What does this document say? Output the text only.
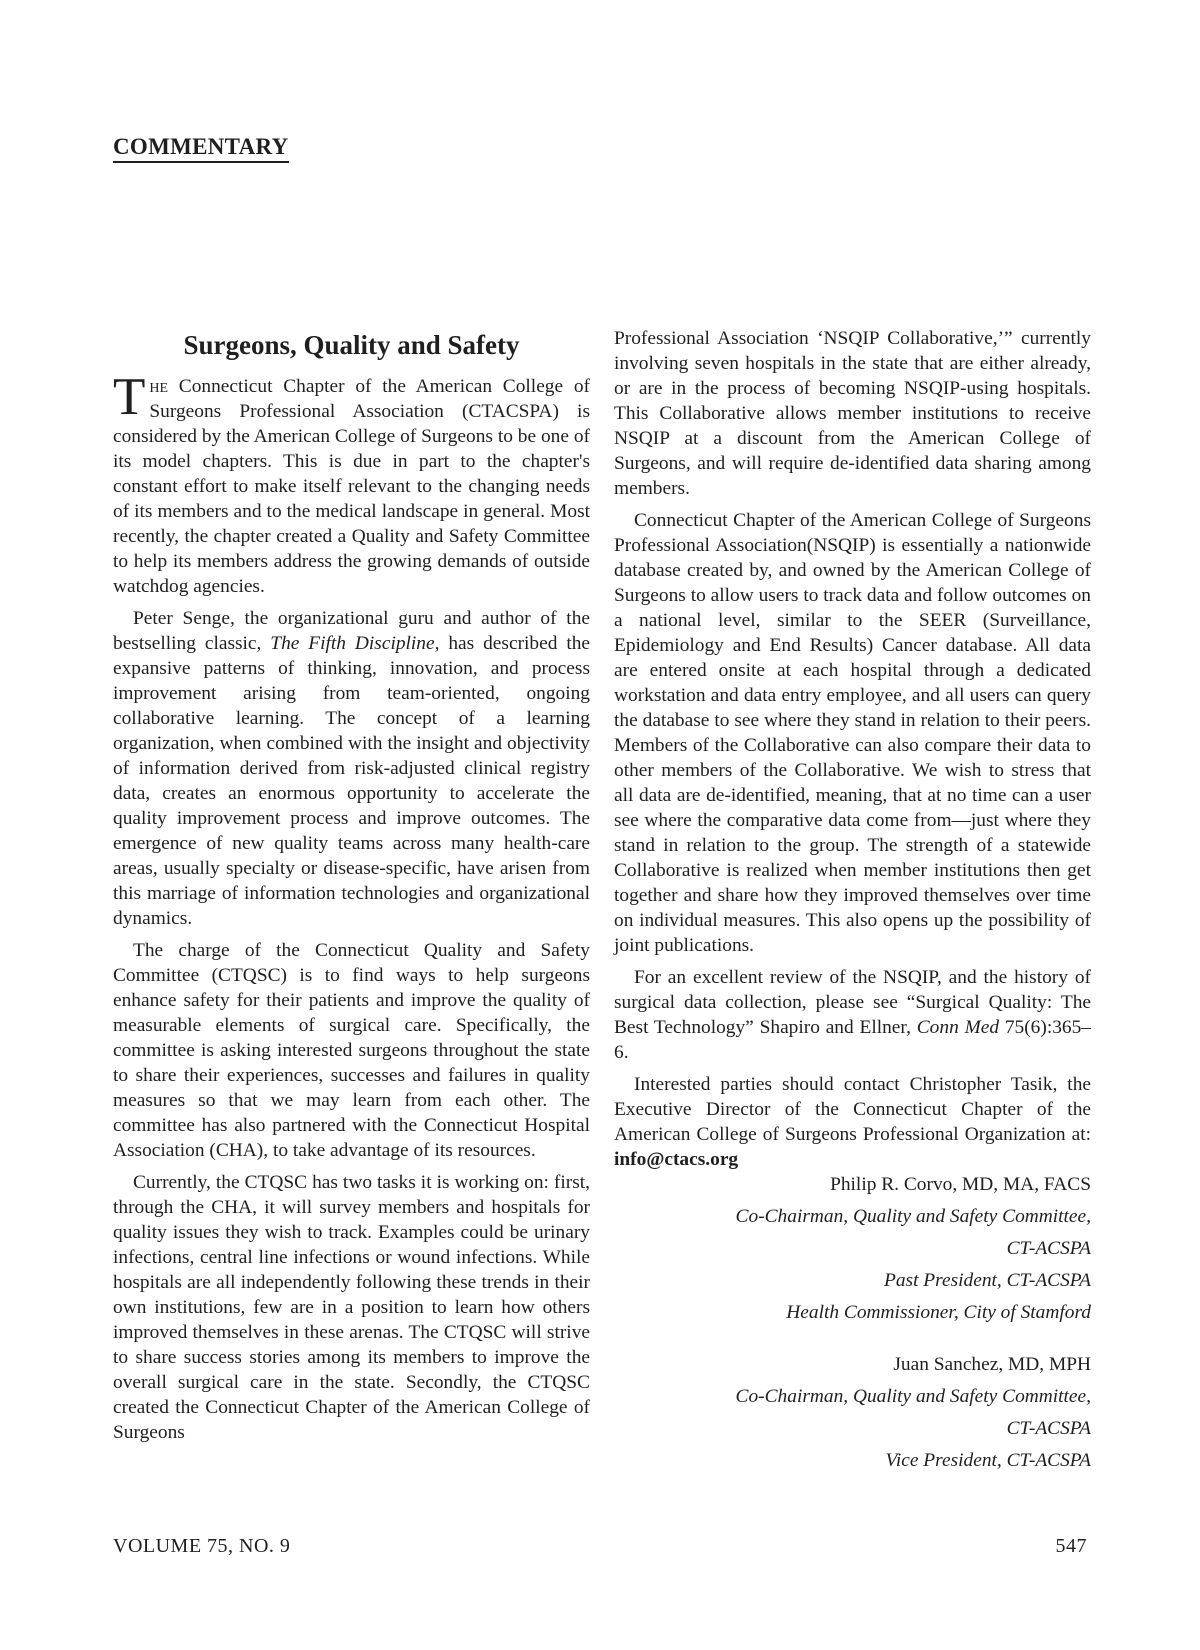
COMMENTARY
Surgeons, Quality and Safety

The Connecticut Chapter of the American College of Surgeons Professional Association (CTACSPA) is considered by the American College of Surgeons to be one of its model chapters. This is due in part to the chapter's constant effort to make itself relevant to the changing needs of its members and to the medical landscape in general. Most recently, the chapter created a Quality and Safety Committee to help its members address the growing demands of outside watchdog agencies.

Peter Senge, the organizational guru and author of the bestselling classic, The Fifth Discipline, has described the expansive patterns of thinking, innovation, and process improvement arising from team-oriented, ongoing collaborative learning. The concept of a learning organization, when combined with the insight and objectivity of information derived from risk-adjusted clinical registry data, creates an enormous opportunity to accelerate the quality improvement process and improve outcomes. The emergence of new quality teams across many health-care areas, usually specialty or disease-specific, have arisen from this marriage of information technologies and organizational dynamics.

The charge of the Connecticut Quality and Safety Committee (CTQSC) is to find ways to help surgeons enhance safety for their patients and improve the quality of measurable elements of surgical care. Specifically, the committee is asking interested surgeons throughout the state to share their experiences, successes and failures in quality measures so that we may learn from each other. The committee has also partnered with the Connecticut Hospital Association (CHA), to take advantage of its resources.

Currently, the CTQSC has two tasks it is working on: first, through the CHA, it will survey members and hospitals for quality issues they wish to track. Examples could be urinary infections, central line infections or wound infections. While hospitals are all independently following these trends in their own institutions, few are in a position to learn how others improved themselves in these arenas. The CTQSC will strive to share success stories among its members to improve the overall surgical care in the state. Secondly, the CTQSC created the Connecticut Chapter of the American College of Surgeons

Professional Association ‘NSQIP Collaborative,’” currently involving seven hospitals in the state that are either already, or are in the process of becoming NSQIP-using hospitals. This Collaborative allows member institutions to receive NSQIP at a discount from the American College of Surgeons, and will require de-identified data sharing among members.

Connecticut Chapter of the American College of Surgeons Professional Association(NSQIP) is essentially a nationwide database created by, and owned by the American College of Surgeons to allow users to track data and follow outcomes on a national level, similar to the SEER (Surveillance, Epidemiology and End Results) Cancer database. All data are entered onsite at each hospital through a dedicated workstation and data entry employee, and all users can query the database to see where they stand in relation to their peers. Members of the Collaborative can also compare their data to other members of the Collaborative. We wish to stress that all data are de-identified, meaning, that at no time can a user see where the comparative data come from—just where they stand in relation to the group. The strength of a statewide Collaborative is realized when member institutions then get together and share how they improved themselves over time on individual measures. This also opens up the possibility of joint publications.

For an excellent review of the NSQIP, and the history of surgical data collection, please see “Surgical Quality: The Best Technology” Shapiro and Ellner, Conn Med 75(6):365–6.

Interested parties should contact Christopher Tasik, the Executive Director of the Connecticut Chapter of the American College of Surgeons Professional Organization at: info@ctacs.org

Philip R. Corvo, MD, MA, FACS

Co-Chairman, Quality and Safety Committee,

CT-ACSPA

Past President, CT-ACSPA

Health Commissioner, City of Stamford

Juan Sanchez, MD, MPH

Co-Chairman, Quality and Safety Committee,

CT-ACSPA

Vice President, CT-ACSPA

VOLUME 75, NO. 9	547
